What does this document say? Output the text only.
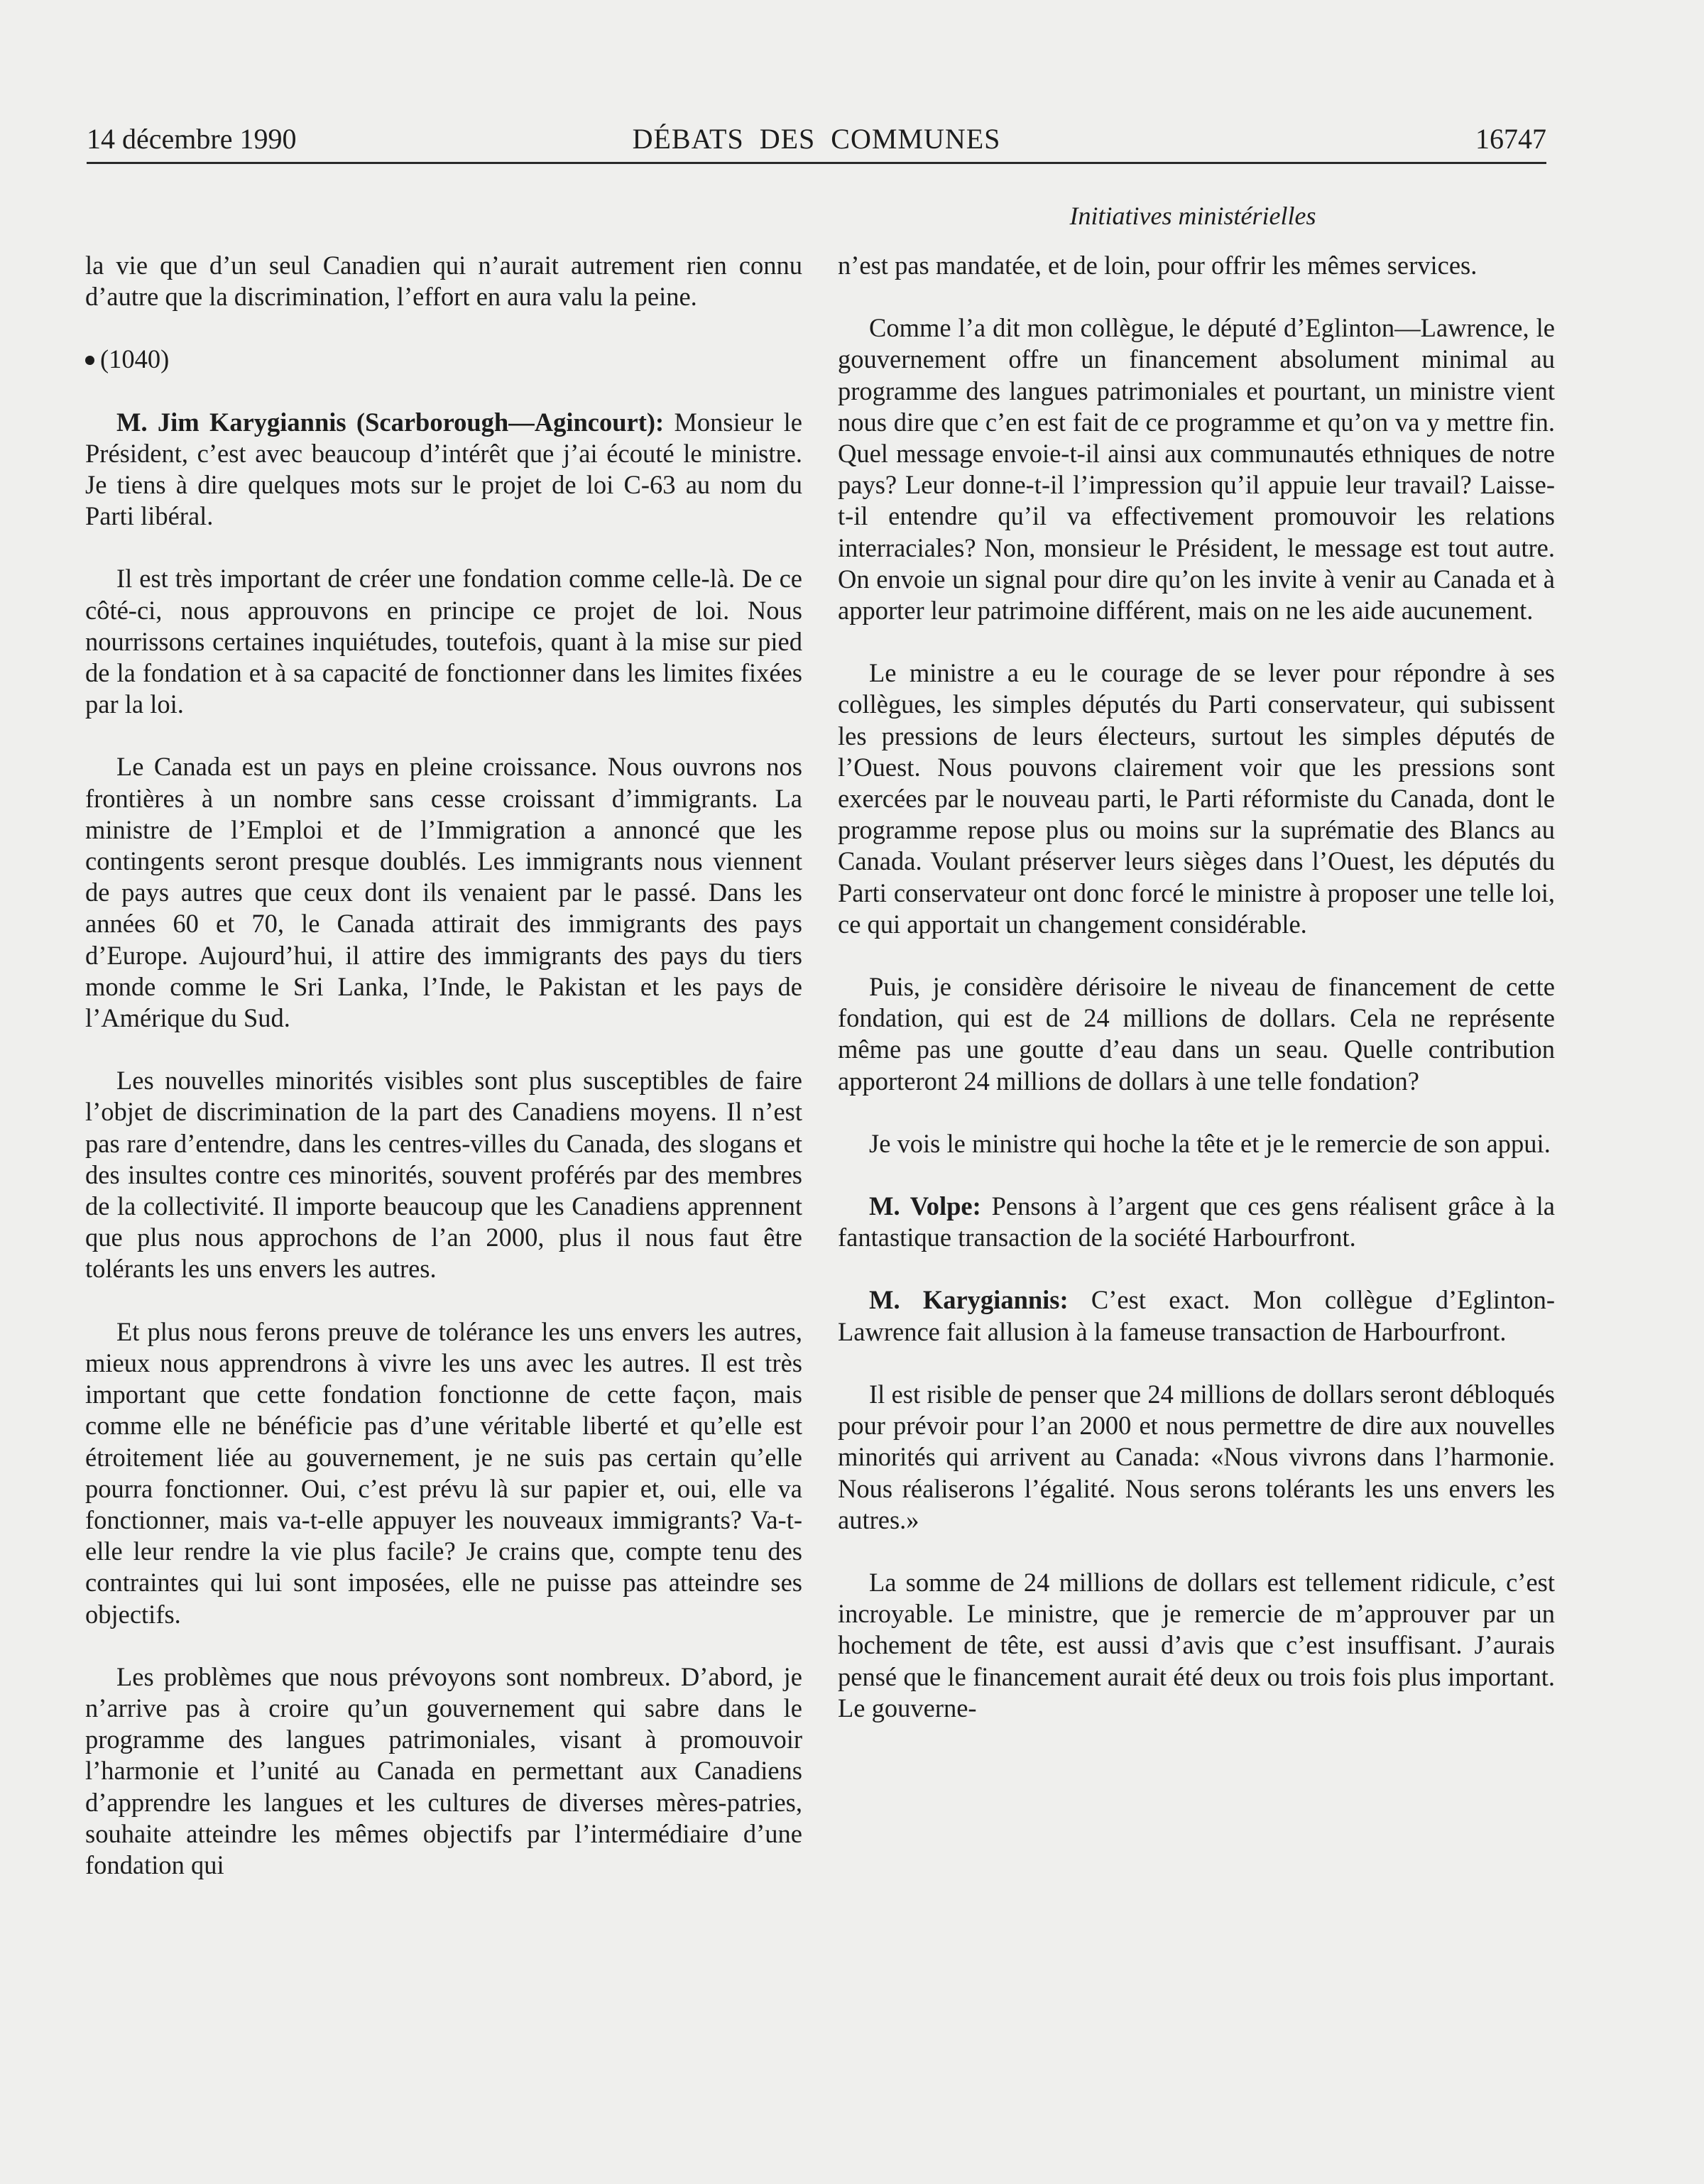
14 décembre 1990	DÉBATS  DES  COMMUNES	16747
Initiatives ministérielles

la vie que d’un seul Canadien qui n’aurait autrement rien connu d’autre que la discrimination, l’effort en aura valu la peine.

(1040)

M. Jim Karygiannis (Scarborough—Agincourt): Monsieur le Président, c’est avec beaucoup d’intérêt que j’ai écouté le ministre. Je tiens à dire quelques mots sur le projet de loi C-63 au nom du Parti libéral.

Il est très important de créer une fondation comme celle-là. De ce côté-ci, nous approuvons en principe ce projet de loi. Nous nourrissons certaines inquiétudes, toutefois, quant à la mise sur pied de la fondation et à sa capacité de fonctionner dans les limites fixées par la loi.

Le Canada est un pays en pleine croissance. Nous ouvrons nos frontières à un nombre sans cesse croissant d’immigrants. La ministre de l’Emploi et de l’Immigration a annoncé que les contingents seront presque doublés. Les immigrants nous viennent de pays autres que ceux dont ils venaient par le passé. Dans les années 60 et 70, le Canada attirait des immigrants des pays d’Europe. Aujourd’hui, il attire des immigrants des pays du tiers monde comme le Sri Lanka, l’Inde, le Pakistan et les pays de l’Amérique du Sud.

Les nouvelles minorités visibles sont plus susceptibles de faire l’objet de discrimination de la part des Canadiens moyens. Il n’est pas rare d’entendre, dans les centres-villes du Canada, des slogans et des insultes contre ces minorités, souvent proférés par des membres de la collectivité. Il importe beaucoup que les Canadiens apprennent que plus nous approchons de l’an 2000, plus il nous faut être tolérants les uns envers les autres.

Et plus nous ferons preuve de tolérance les uns envers les autres, mieux nous apprendrons à vivre les uns avec les autres. Il est très important que cette fondation fonctionne de cette façon, mais comme elle ne bénéficie pas d’une véritable liberté et qu’elle est étroitement liée au gouvernement, je ne suis pas certain qu’elle pourra fonctionner. Oui, c’est prévu là sur papier et, oui, elle va fonctionner, mais va-t-elle appuyer les nouveaux immigrants? Va-t-elle leur rendre la vie plus facile? Je crains que, compte tenu des contraintes qui lui sont imposées, elle ne puisse pas atteindre ses objectifs.

Les problèmes que nous prévoyons sont nombreux. D’abord, je n’arrive pas à croire qu’un gouvernement qui sabre dans le programme des langues patrimoniales, visant à promouvoir l’harmonie et l’unité au Canada en permettant aux Canadiens d’apprendre les langues et les cultures de diverses mères-patries, souhaite atteindre les mêmes objectifs par l’intermédiaire d’une fondation qui

n’est pas mandatée, et de loin, pour offrir les mêmes services.

Comme l’a dit mon collègue, le député d’Eglinton—Lawrence, le gouvernement offre un financement absolument minimal au programme des langues patrimoniales et pourtant, un ministre vient nous dire que c’en est fait de ce programme et qu’on va y mettre fin. Quel message envoie-t-il ainsi aux communautés ethniques de notre pays? Leur donne-t-il l’impression qu’il appuie leur travail? Laisse-t-il entendre qu’il va effectivement promouvoir les relations interraciales? Non, monsieur le Président, le message est tout autre. On envoie un signal pour dire qu’on les invite à venir au Canada et à apporter leur patrimoine différent, mais on ne les aide aucunement.

Le ministre a eu le courage de se lever pour répondre à ses collègues, les simples députés du Parti conservateur, qui subissent les pressions de leurs électeurs, surtout les simples députés de l’Ouest. Nous pouvons clairement voir que les pressions sont exercées par le nouveau parti, le Parti réformiste du Canada, dont le programme repose plus ou moins sur la suprématie des Blancs au Canada. Voulant préserver leurs sièges dans l’Ouest, les députés du Parti conservateur ont donc forcé le ministre à proposer une telle loi, ce qui apportait un changement considérable.

Puis, je considère dérisoire le niveau de financement de cette fondation, qui est de 24 millions de dollars. Cela ne représente même pas une goutte d’eau dans un seau. Quelle contribution apporteront 24 millions de dollars à une telle fondation?

Je vois le ministre qui hoche la tête et je le remercie de son appui.

M. Volpe: Pensons à l’argent que ces gens réalisent grâce à la fantastique transaction de la société Harbourfront.

M. Karygiannis: C’est exact. Mon collègue d’Eglinton-Lawrence fait allusion à la fameuse transaction de Harbourfront.

Il est risible de penser que 24 millions de dollars seront débloqués pour prévoir pour l’an 2000 et nous permettre de dire aux nouvelles minorités qui arrivent au Canada: «Nous vivrons dans l’harmonie. Nous réaliserons l’égalité. Nous serons tolérants les uns envers les autres.»

La somme de 24 millions de dollars est tellement ridicule, c’est incroyable. Le ministre, que je remercie de m’approuver par un hochement de tête, est aussi d’avis que c’est insuffisant. J’aurais pensé que le financement aurait été deux ou trois fois plus important. Le gouverne-
